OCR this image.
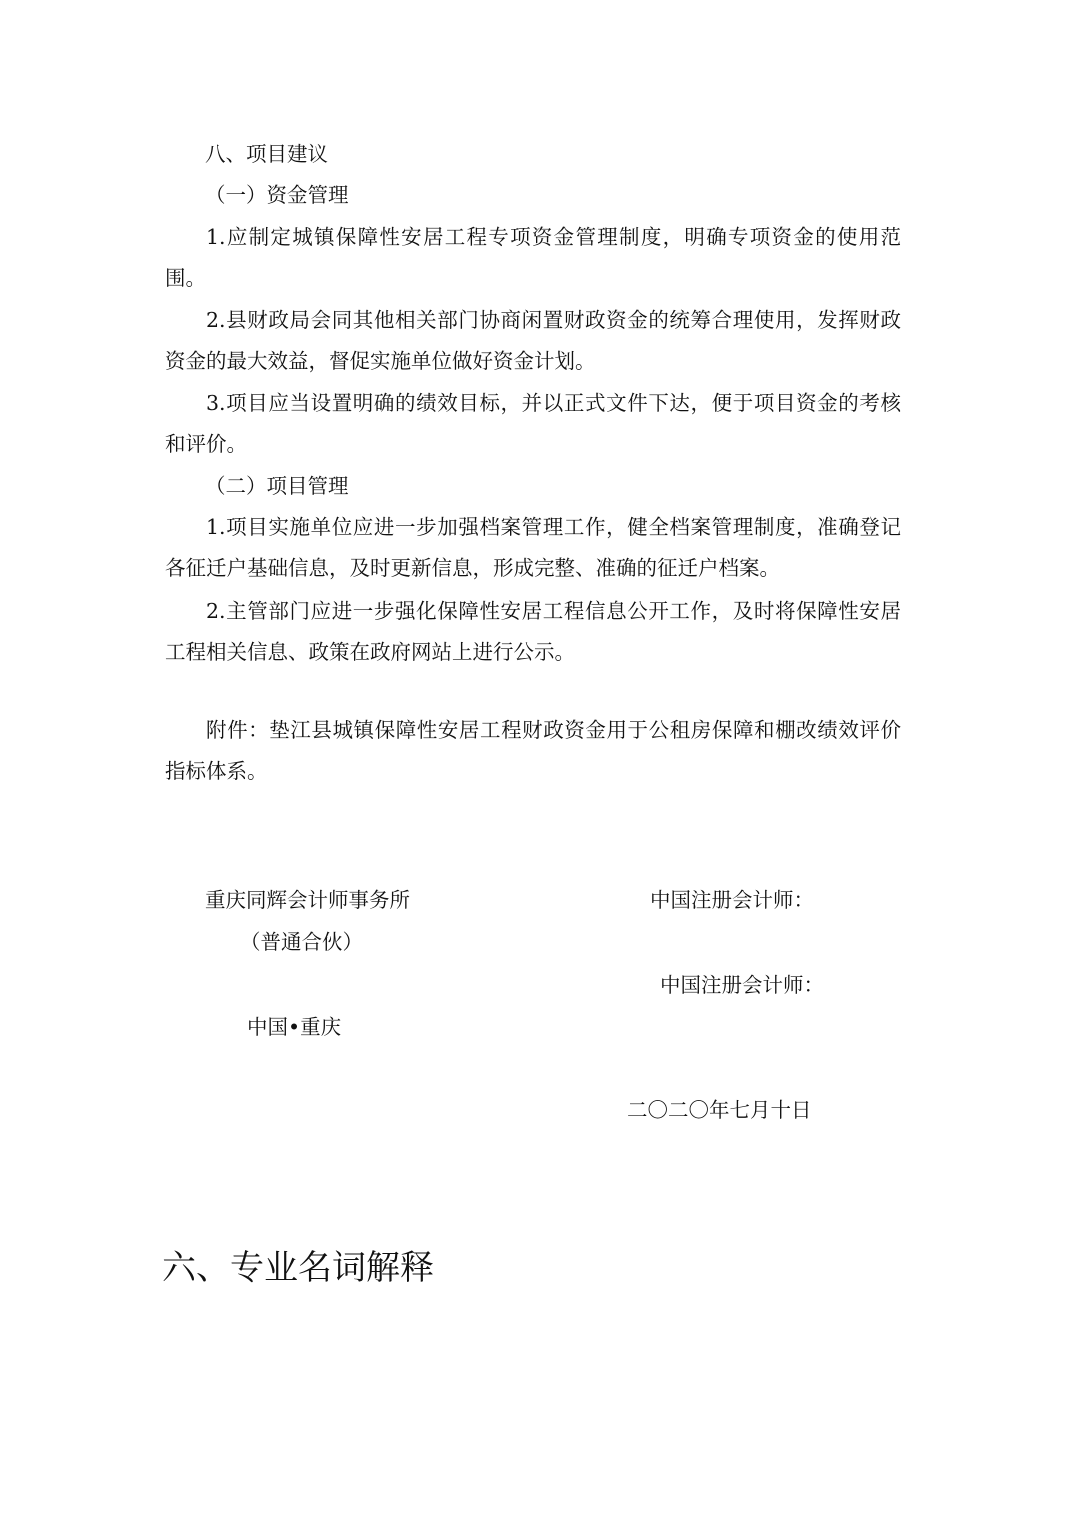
八、项目建议
（一）资金管理

1.应制定城镇保障性安居工程专项资金管理制度，明确专项资金的使用范围。

2.县财政局会同其他相关部门协商闲置财政资金的统筹合理使用，发挥财政资金的最大效益，督促实施单位做好资金计划。

3.项目应当设置明确的绩效目标，并以正式文件下达，便于项目资金的考核和评价。

（二）项目管理

1.项目实施单位应进一步加强档案管理工作，健全档案管理制度，准确登记各征迁户基础信息，及时更新信息，形成完整、准确的征迁户档案。

2.主管部门应进一步强化保障性安居工程信息公开工作，及时将保障性安居工程相关信息、政策在政府网站上进行公示。

附件：垫江县城镇保障性安居工程财政资金用于公租房保障和棚改绩效评价指标体系。

重庆同辉会计师事务所
（普通合伙）
中国•重庆
中国注册会计师：
中国注册会计师：
二〇二〇年七月十日
六、专业名词解释
